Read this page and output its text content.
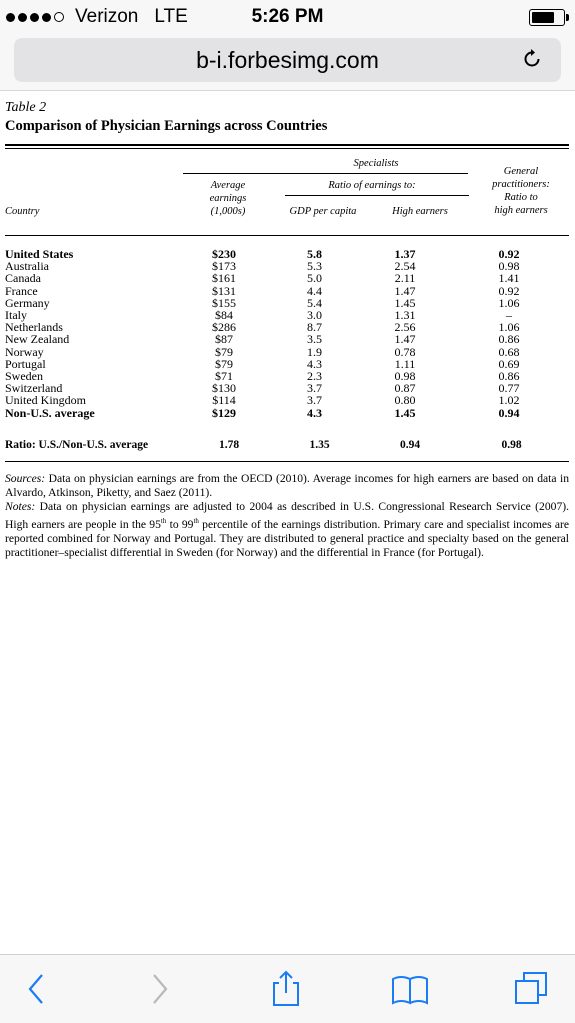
Verizon LTE	5:26 PM
b-i.forbesimg.com
Table 2
Comparison of Physician Earnings across Countries
Specialists
Average
earnings
(1,000s)
Ratio of earnings to:
GDP per capita	High earners
General
practitioners:
Ratio to
high earners
Country
United States	$230	5.8	1.37	0.92
Australia	$173	5.3	2.54	0.98
Canada	$161	5.0	2.11	1.41
France	$131	4.4	1.47	0.92
Germany	$155	5.4	1.45	1.06
Italy	$84	3.0	1.31	–
Netherlands	$286	8.7	2.56	1.06
New Zealand	$87	3.5	1.47	0.86
Norway	$79	1.9	0.78	0.68
Portugal	$79	4.3	1.11	0.69
Sweden	$71	2.3	0.98	0.86
Switzerland	$130	3.7	0.87	0.77
United Kingdom	$114	3.7	0.80	1.02
Non-U.S. average	$129	4.3	1.45	0.94
Ratio: U.S./Non-U.S. average	1.78	1.35	0.94	0.98

Sources: Data on physician earnings are from the OECD (2010). Average incomes for high earners are based on data in Alvardo, Atkinson, Piketty, and Saez (2011).

Notes: Data on physician earnings are adjusted to 2004 as described in U.S. Congressional Research Service (2007). High earners are people in the 95th to 99th percentile of the earnings distribution. Primary care and specialist incomes are reported combined for Norway and Portugal. They are distributed to general practice and specialty based on the general practitioner–specialist differential in Sweden (for Norway) and the differential in France (for Portugal).
